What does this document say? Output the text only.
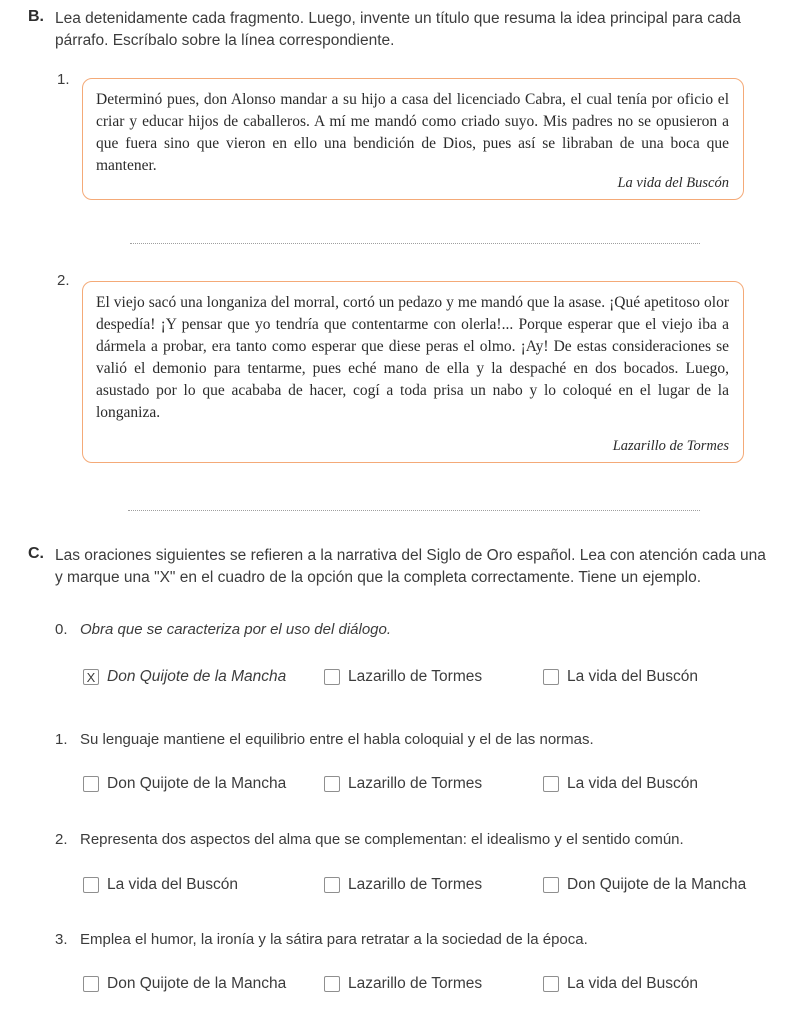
B. Lea detenidamente cada fragmento. Luego, invente un título que resuma la idea principal para cada párrafo. Escríbalo sobre la línea correspondiente.
1.
Determinó pues, don Alonso mandar a su hijo a casa del licenciado Cabra, el cual tenía por oficio el criar y educar hijos de caballeros. A mí me mandó como criado suyo. Mis padres no se opusieron a que fuera sino que vieron en ello una bendición de Dios, pues así se libraban de una boca que mantener.
La vida del Buscón
2.
El viejo sacó una longaniza del morral, cortó un pedazo y me mandó que la asase. ¡Qué apetitoso olor despedía! ¡Y pensar que yo tendría que contentarme con olerla!... Porque esperar que el viejo iba a dármela a probar, era tanto como esperar que diese peras el olmo. ¡Ay! De estas consideraciones se valió el demonio para tentarme, pues eché mano de ella y la despaché en dos bocados. Luego, asustado por lo que acababa de hacer, cogí a toda prisa un nabo y lo coloqué en el lugar de la longaniza.
Lazarillo de Tormes
C. Las oraciones siguientes se refieren a la narrativa del Siglo de Oro español. Lea con atención cada una y marque una "X" en el cuadro de la opción que la completa correctamente. Tiene un ejemplo.
0. Obra que se caracteriza por el uso del diálogo.
X Don Quijote de la Mancha	Lazarillo de Tormes	La vida del Buscón
1. Su lenguaje mantiene el equilibrio entre el habla coloquial y el de las normas.
Don Quijote de la Mancha	Lazarillo de Tormes	La vida del Buscón
2. Representa dos aspectos del alma que se complementan: el idealismo y el sentido común.
La vida del Buscón	Lazarillo de Tormes	Don Quijote de la Mancha
3. Emplea el humor, la ironía y la sátira para retratar a la sociedad de la época.
Don Quijote de la Mancha	Lazarillo de Tormes	La vida del Buscón
